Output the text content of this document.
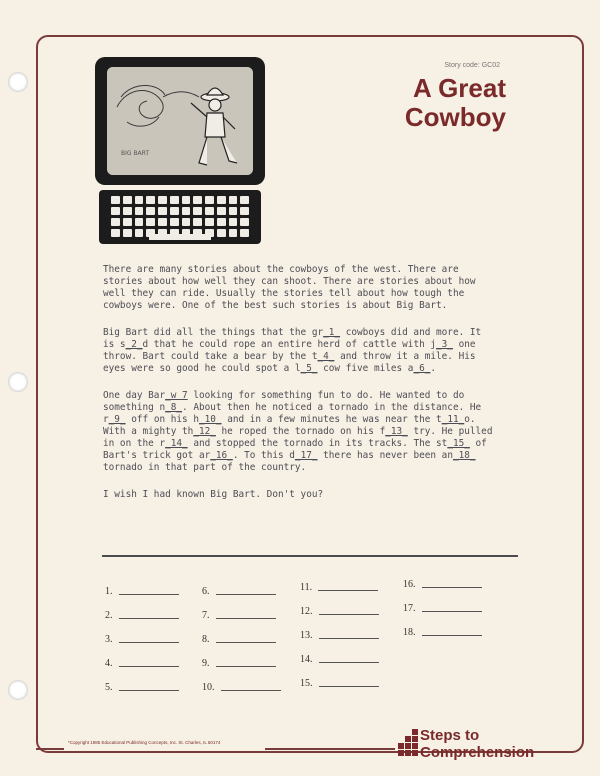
BIG BART
Story code: GC02
A Great
Cowboy

There are many stories about the cowboys of the west. There are stories about how well they can shoot. There are stories about how well they can ride. Usually the stories tell about how tough the cowboys were. One of the best such stories is about Big Bart.

Big Bart did all the things that the gr_1_ cowboys did and more. It is s_2_d that he could rope an entire herd of cattle with j_3_ one throw. Bart could take a bear by the t_4_ and throw it a mile. His eyes were so good he could spot a l_5_ cow five miles a_6_.

One day Bar_w 7 looking for something fun to do. He wanted to do something n_8_. About then he noticed a tornado in the distance. He r_9_ off on his h_10_ and in a few minutes he was near the t_11_o. With a mighty th_12_ he roped the tornado on his f_13_ try. He pulled in on the r_14_ and stopped the tornado in its tracks. The st_15_ of Bart's trick got ar_16_. To this d_17_ there has never been an_18_ tornado in that part of the country.

I wish I had known Big Bart. Don't you?

1.
2.
3.
4.
5.
6.
7.
8.
9.
10.
11.
12.
13.
14.
15.
16.
17.
18.
*Copyright 1985 Educational Publishing Concepts, Inc. St. Charles, IL 60174	Steps to
Comprehension
